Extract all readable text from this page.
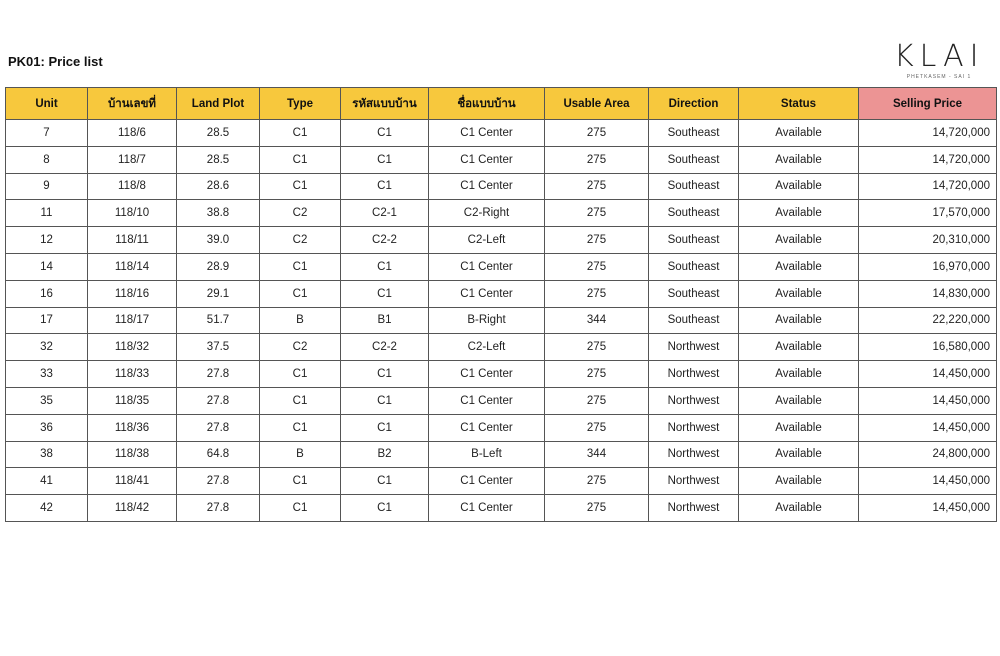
PK01: Price list	KLAI
PHETKASEM - SAI 1
Unit	บ้านเลขที่	Land Plot	Type	รหัสแบบบ้าน	ชื่อแบบบ้าน	Usable Area	Direction	Status	Selling Price
7	118/6	28.5	C1	C1	C1 Center	275	Southeast	Available	14,720,000
8	118/7	28.5	C1	C1	C1 Center	275	Southeast	Available	14,720,000
9	118/8	28.6	C1	C1	C1 Center	275	Southeast	Available	14,720,000
11	118/10	38.8	C2	C2-1	C2-Right	275	Southeast	Available	17,570,000
12	118/11	39.0	C2	C2-2	C2-Left	275	Southeast	Available	20,310,000
14	118/14	28.9	C1	C1	C1 Center	275	Southeast	Available	16,970,000
16	118/16	29.1	C1	C1	C1 Center	275	Southeast	Available	14,830,000
17	118/17	51.7	B	B1	B-Right	344	Southeast	Available	22,220,000
32	118/32	37.5	C2	C2-2	C2-Left	275	Northwest	Available	16,580,000
33	118/33	27.8	C1	C1	C1 Center	275	Northwest	Available	14,450,000
35	118/35	27.8	C1	C1	C1 Center	275	Northwest	Available	14,450,000
36	118/36	27.8	C1	C1	C1 Center	275	Northwest	Available	14,450,000
38	118/38	64.8	B	B2	B-Left	344	Northwest	Available	24,800,000
41	118/41	27.8	C1	C1	C1 Center	275	Northwest	Available	14,450,000
42	118/42	27.8	C1	C1	C1 Center	275	Northwest	Available	14,450,000
